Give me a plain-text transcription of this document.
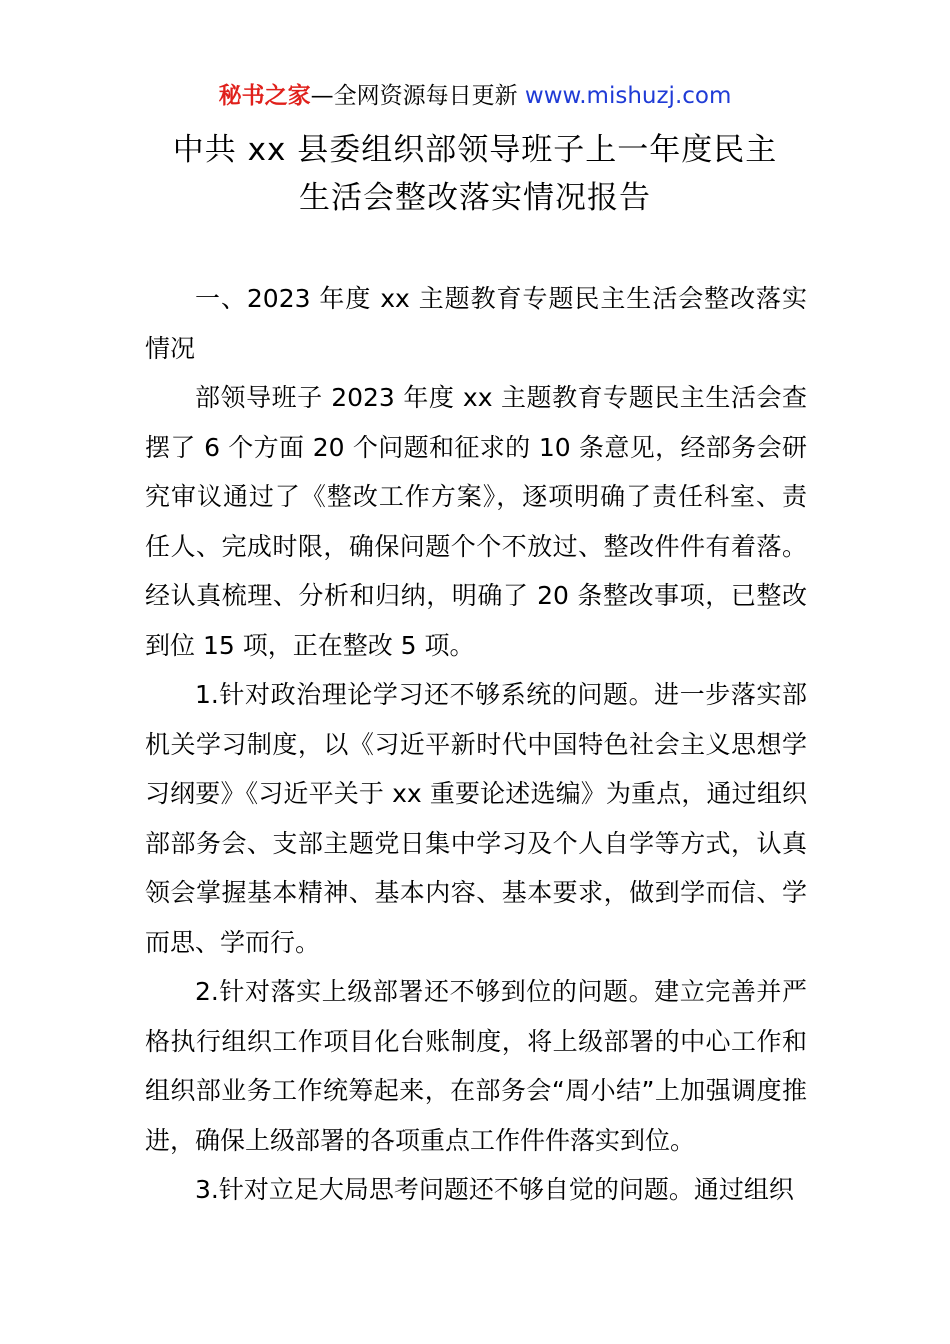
秘书之家—全网资源每日更新 www.mishuzj.com
中共 xx 县委组织部领导班子上一年度民主
生活会整改落实情况报告

一、2023 年度 xx 主题教育专题民主生活会整改落实情况

部领导班子 2023 年度 xx 主题教育专题民主生活会查摆了 6 个方面 20 个问题和征求的 10 条意见，经部务会研究审议通过了《整改工作方案》，逐项明确了责任科室、责任人、完成时限，确保问题个个不放过、整改件件有着落。经认真梳理、分析和归纳，明确了 20 条整改事项，已整改到位 15 项，正在整改 5 项。

1.针对政治理论学习还不够系统的问题。进一步落实部机关学习制度，以《习近平新时代中国特色社会主义思想学习纲要》《习近平关于 xx 重要论述选编》为重点，通过组织部部务会、支部主题党日集中学习及个人自学等方式，认真领会掌握基本精神、基本内容、基本要求，做到学而信、学而思、学而行。

2.针对落实上级部署还不够到位的问题。建立完善并严格执行组织工作项目化台账制度，将上级部署的中心工作和组织部业务工作统筹起来，在部务会“周小结”上加强调度推进，确保上级部署的各项重点工作件件落实到位。

3.针对立足大局思考问题还不够自觉的问题。通过组织
